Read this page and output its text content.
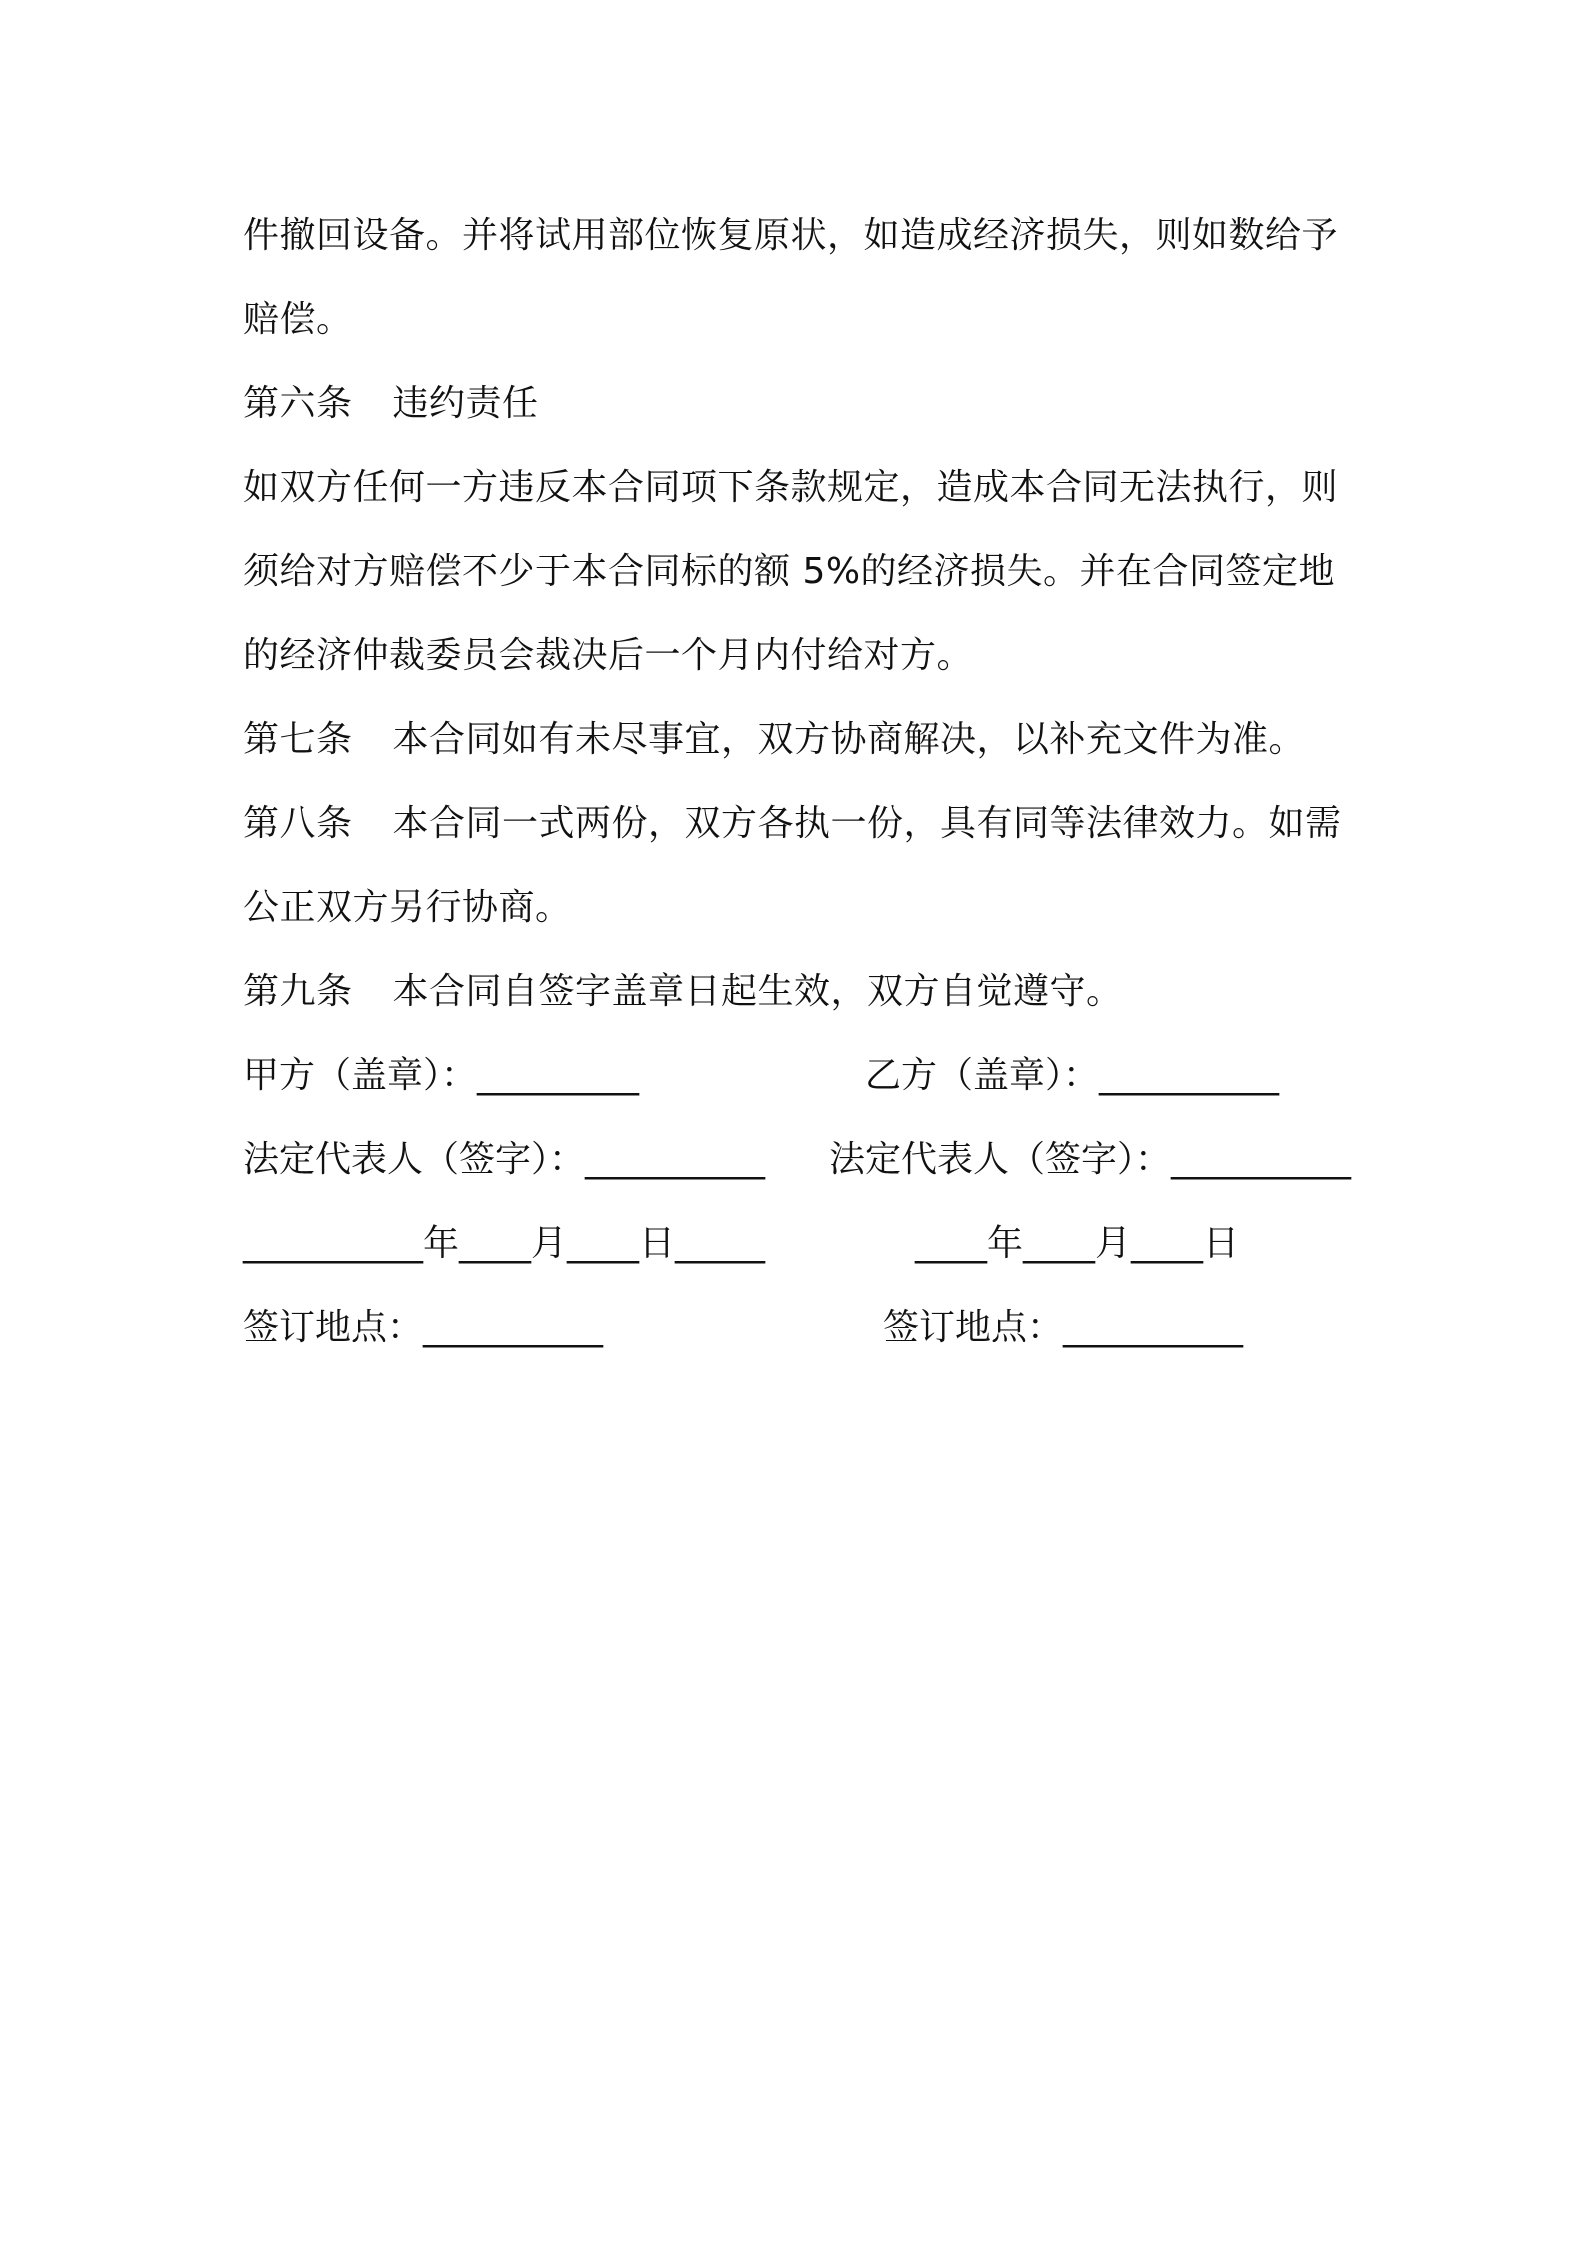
件撤回设备。并将试用部位恢复原状，如造成经济损失，则如数给予
赔偿。
第六条 违约责任
如双方任何一方违反本合同项下条款规定，造成本合同无法执行，则
须给对方赔偿不少于本合同标的额 5%的经济损失。并在合同签定地
的经济仲裁委员会裁决后一个月内付给对方。
第七条 本合同如有未尽事宜，双方协商解决，以补充文件为准。
第八条 本合同一式两份，双方各执一份，具有同等法律效力。如需
公正双方另行协商。
第九条 本合同自签字盖章日起生效，双方自觉遵守。
甲方（盖章）：_________	乙方（盖章）：__________
法定代表人（签字）：__________ 法定代表人（签字）：__________
__________年____月____日_____	____年____月____日
签订地点：__________	签订地点：__________
